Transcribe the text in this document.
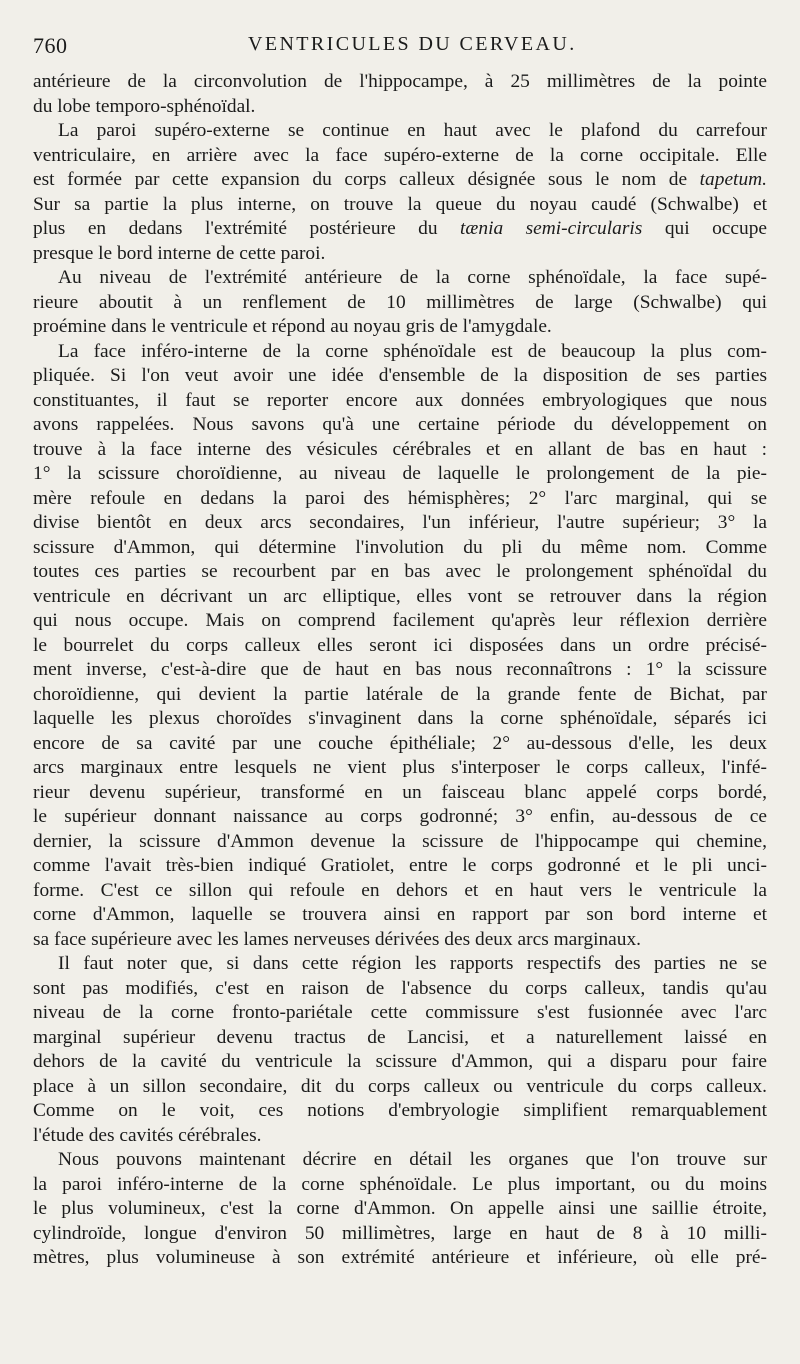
760	VENTRICULES DU CERVEAU.
antérieure de la circonvolution de l'hippocampe, à 25 millimètres de la pointe
du lobe temporo-sphénoïdal.
La paroi supéro-externe se continue en haut avec le plafond du carrefour
ventriculaire, en arrière avec la face supéro-externe de la corne occipitale. Elle
est formée par cette expansion du corps calleux désignée sous le nom de tapetum.
Sur sa partie la plus interne, on trouve la queue du noyau caudé (Schwalbe) et
plus en dedans l'extrémité postérieure du tænia semi-circularis qui occupe
presque le bord interne de cette paroi.
Au niveau de l'extrémité antérieure de la corne sphénoïdale, la face supé-
rieure aboutit à un renflement de 10 millimètres de large (Schwalbe) qui
proémine dans le ventricule et répond au noyau gris de l'amygdale.
La face inféro-interne de la corne sphénoïdale est de beaucoup la plus com-
pliquée. Si l'on veut avoir une idée d'ensemble de la disposition de ses parties
constituantes, il faut se reporter encore aux données embryologiques que nous
avons rappelées. Nous savons qu'à une certaine période du développement on
trouve à la face interne des vésicules cérébrales et en allant de bas en haut :
1° la scissure choroïdienne, au niveau de laquelle le prolongement de la pie-
mère refoule en dedans la paroi des hémisphères; 2° l'arc marginal, qui se
divise bientôt en deux arcs secondaires, l'un inférieur, l'autre supérieur; 3° la
scissure d'Ammon, qui détermine l'involution du pli du même nom. Comme
toutes ces parties se recourbent par en bas avec le prolongement sphénoïdal du
ventricule en décrivant un arc elliptique, elles vont se retrouver dans la région
qui nous occupe. Mais on comprend facilement qu'après leur réflexion derrière
le bourrelet du corps calleux elles seront ici disposées dans un ordre précisé-
ment inverse, c'est-à-dire que de haut en bas nous reconnaîtrons : 1° la scissure
choroïdienne, qui devient la partie latérale de la grande fente de Bichat, par
laquelle les plexus choroïdes s'invaginent dans la corne sphénoïdale, séparés ici
encore de sa cavité par une couche épithéliale; 2° au-dessous d'elle, les deux
arcs marginaux entre lesquels ne vient plus s'interposer le corps calleux, l'infé-
rieur devenu supérieur, transformé en un faisceau blanc appelé corps bordé,
le supérieur donnant naissance au corps godronné; 3° enfin, au-dessous de ce
dernier, la scissure d'Ammon devenue la scissure de l'hippocampe qui chemine,
comme l'avait très-bien indiqué Gratiolet, entre le corps godronné et le pli unci-
forme. C'est ce sillon qui refoule en dehors et en haut vers le ventricule la
corne d'Ammon, laquelle se trouvera ainsi en rapport par son bord interne et
sa face supérieure avec les lames nerveuses dérivées des deux arcs marginaux.
Il faut noter que, si dans cette région les rapports respectifs des parties ne se
sont pas modifiés, c'est en raison de l'absence du corps calleux, tandis qu'au
niveau de la corne fronto-pariétale cette commissure s'est fusionnée avec l'arc
marginal supérieur devenu tractus de Lancisi, et a naturellement laissé en
dehors de la cavité du ventricule la scissure d'Ammon, qui a disparu pour faire
place à un sillon secondaire, dit du corps calleux ou ventricule du corps calleux.
Comme on le voit, ces notions d'embryologie simplifient remarquablement
l'étude des cavités cérébrales.
Nous pouvons maintenant décrire en détail les organes que l'on trouve sur
la paroi inféro-interne de la corne sphénoïdale. Le plus important, ou du moins
le plus volumineux, c'est la corne d'Ammon. On appelle ainsi une saillie étroite,
cylindroïde, longue d'environ 50 millimètres, large en haut de 8 à 10 milli-
mètres, plus volumineuse à son extrémité antérieure et inférieure, où elle pré-
